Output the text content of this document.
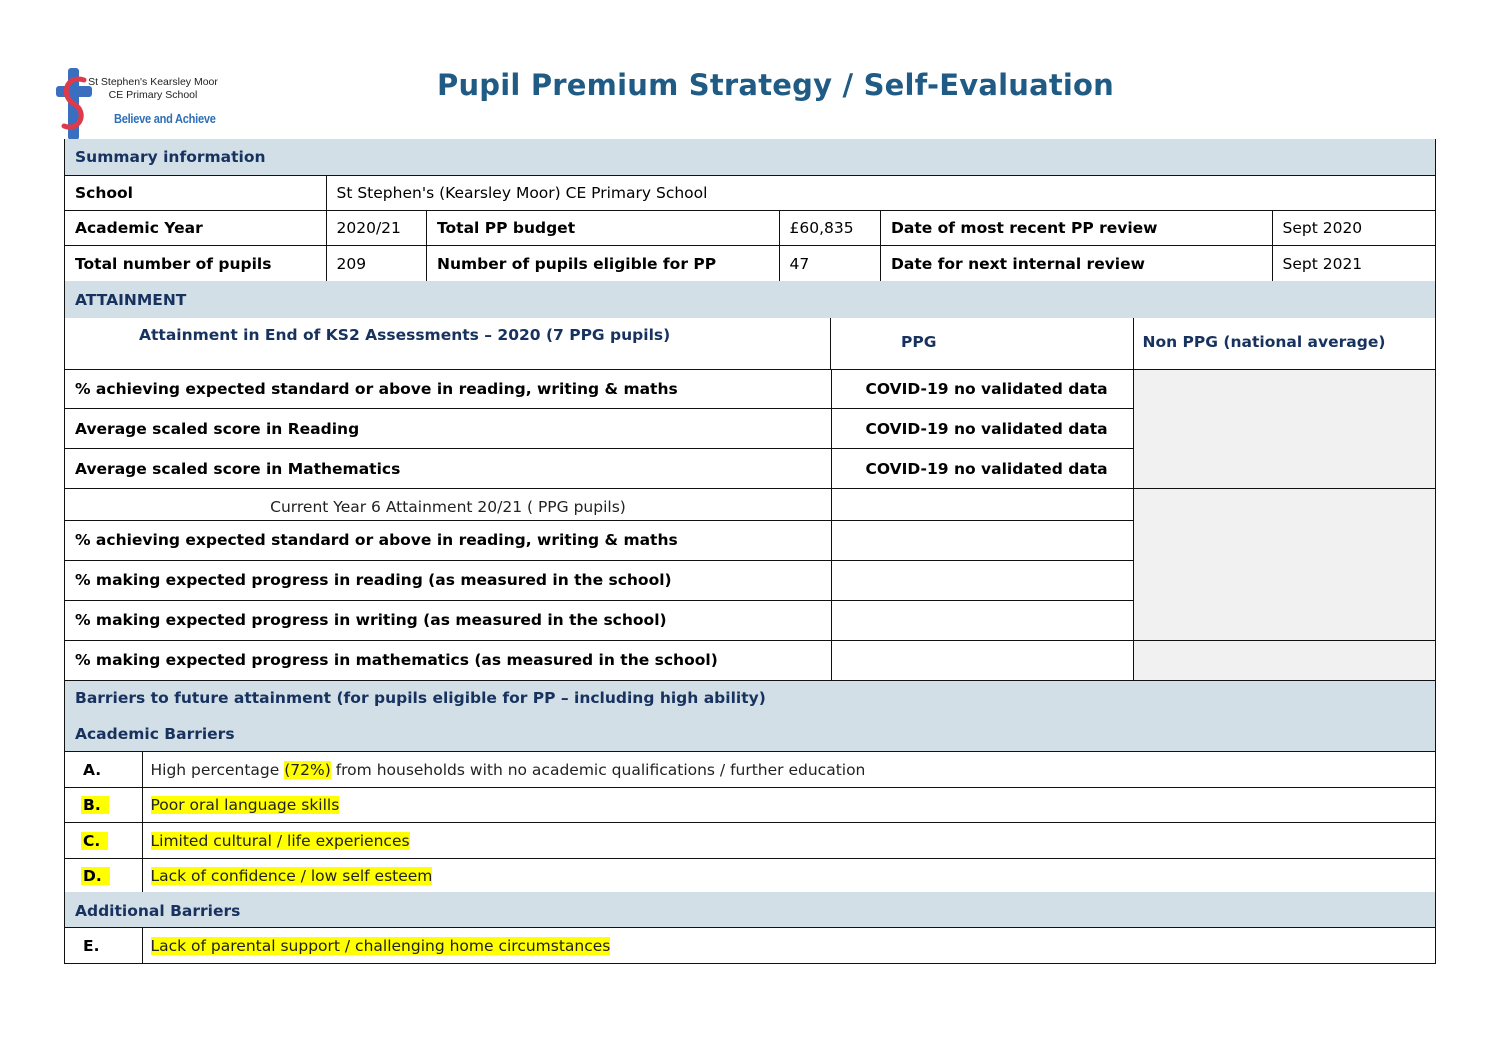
St Stephen's Kearsley Moor
CE Primary School
Believe and Achieve
Pupil Premium Strategy / Self-Evaluation
Summary information
School	St Stephen's (Kearsley Moor) CE Primary School
Academic Year	2020/21	Total PP budget	£60,835	Date of most recent PP review	Sept 2020
Total number of pupils	209	Number of pupils eligible for PP	47	Date for next internal review	Sept 2021
ATTAINMENT
Attainment in End of KS2 Assessments – 2020 (7 PPG pupils)	PPG	Non PPG (national average)
% achieving expected standard or above in reading, writing & maths	COVID-19 no validated data
Average scaled score in Reading	COVID-19 no validated data
Average scaled score in Mathematics	COVID-19 no validated data
Current Year 6 Attainment 20/21 ( PPG pupils)
% achieving expected standard or above in reading, writing & maths
% making expected progress in reading (as measured in the school)
% making expected progress in writing (as measured in the school)
% making expected progress in mathematics (as measured in the school)
Barriers to future attainment (for pupils eligible for PP – including high ability)
Academic Barriers
A.	High percentage (72%) from households with no academic qualifications / further education
B.	Poor oral language skills
C.	Limited cultural / life experiences
D.	Lack of confidence / low self esteem
Additional Barriers
E.	Lack of parental support / challenging home circumstances
